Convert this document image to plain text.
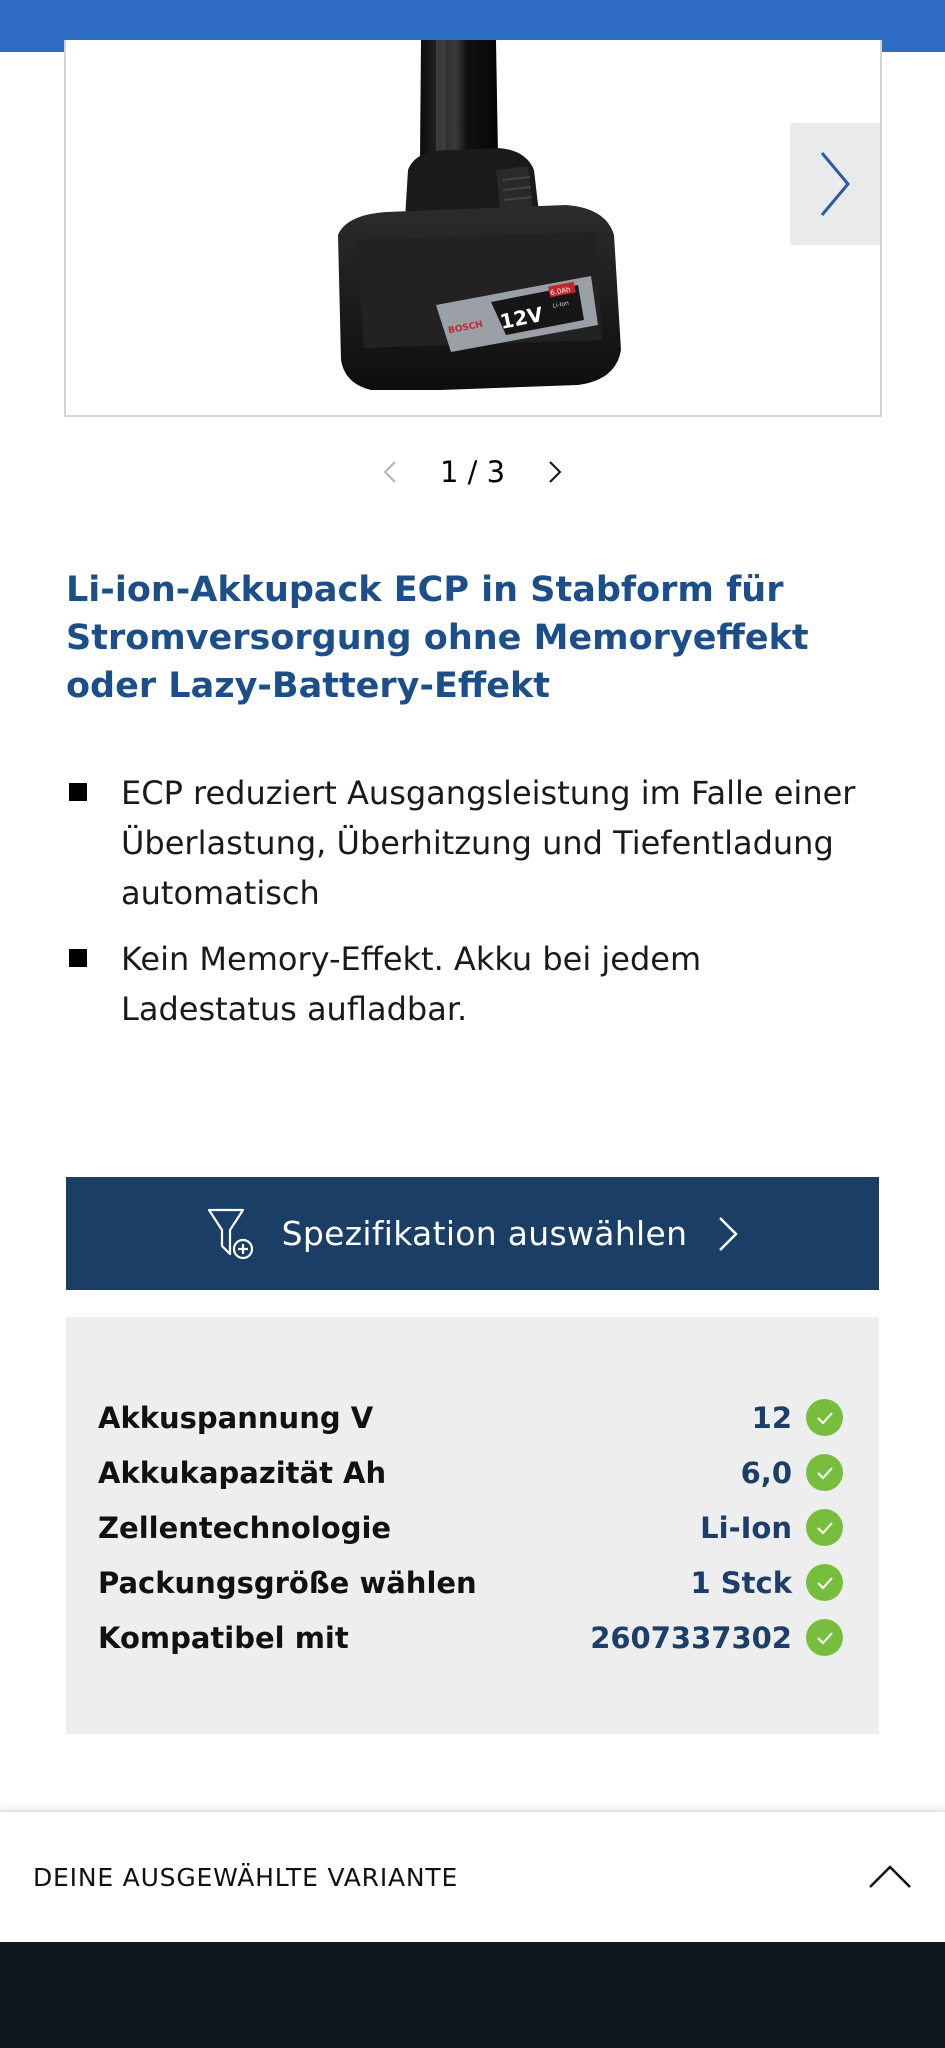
12V
BOSCH
6.0Ah
Li-Ion
1 / 3
Li-ion-Akkupack ECP in Stabform für Stromversorgung ohne Memoryeffekt oder Lazy-Battery-Effekt
ECP reduziert Ausgangsleistung im Falle einer Überlastung, Überhitzung und Tiefentladung automatisch
Kein Memory-Effekt. Akku bei jedem Ladestatus aufladbar.
Spezifikation auswählen
Akkuspannung V	12
Akkukapazität Ah	6,0
Zellentechnologie	Li-Ion
Packungsgröße wählen	1 Stck
Kompatibel mit	2607337302
DEINE AUSGEWÄHLTE VARIANTE
